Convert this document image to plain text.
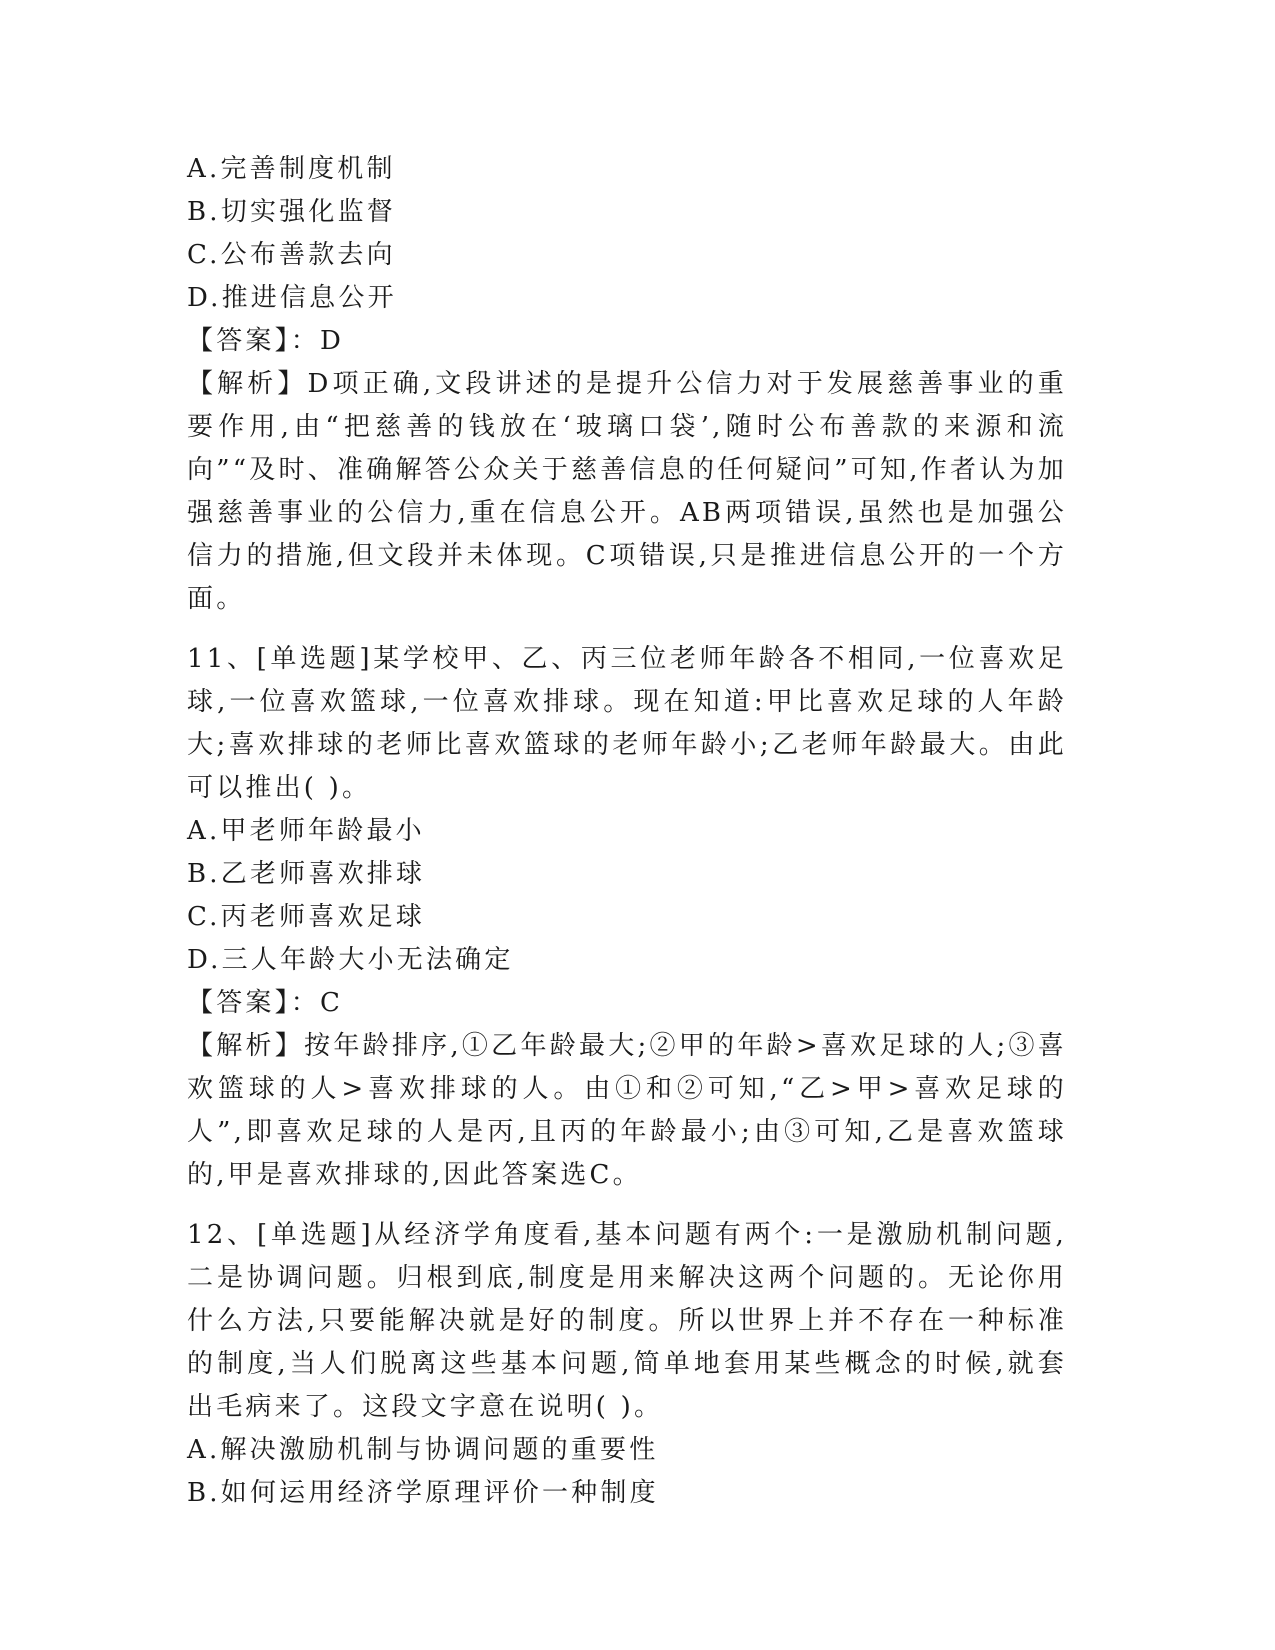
A.完善制度机制
B.切实强化监督
C.公布善款去向
D.推进信息公开
【答案】：D
【解析】D项正确,文段讲述的是提升公信力对于发展慈善事业的重要作用,由“把慈善的钱放在‘玻璃口袋’,随时公布善款的来源和流向”“及时、准确解答公众关于慈善信息的任何疑问”可知,作者认为加强慈善事业的公信力,重在信息公开。AB两项错误,虽然也是加强公信力的措施,但文段并未体现。C项错误,只是推进信息公开的一个方面。
11、[单选题]某学校甲、乙、丙三位老师年龄各不相同,一位喜欢足球,一位喜欢篮球,一位喜欢排球。现在知道:甲比喜欢足球的人年龄大;喜欢排球的老师比喜欢篮球的老师年龄小;乙老师年龄最大。由此可以推出( )。
A.甲老师年龄最小
B.乙老师喜欢排球
C.丙老师喜欢足球
D.三人年龄大小无法确定
【答案】：C
【解析】按年龄排序,①乙年龄最大;②甲的年龄>喜欢足球的人;③喜欢篮球的人>喜欢排球的人。由①和②可知,“乙>甲>喜欢足球的人”,即喜欢足球的人是丙,且丙的年龄最小;由③可知,乙是喜欢篮球的,甲是喜欢排球的,因此答案选C。
12、[单选题]从经济学角度看,基本问题有两个:一是激励机制问题,二是协调问题。归根到底,制度是用来解决这两个问题的。无论你用什么方法,只要能解决就是好的制度。所以世界上并不存在一种标准的制度,当人们脱离这些基本问题,简单地套用某些概念的时候,就套出毛病来了。这段文字意在说明( )。
A.解决激励机制与协调问题的重要性
B.如何运用经济学原理评价一种制度
